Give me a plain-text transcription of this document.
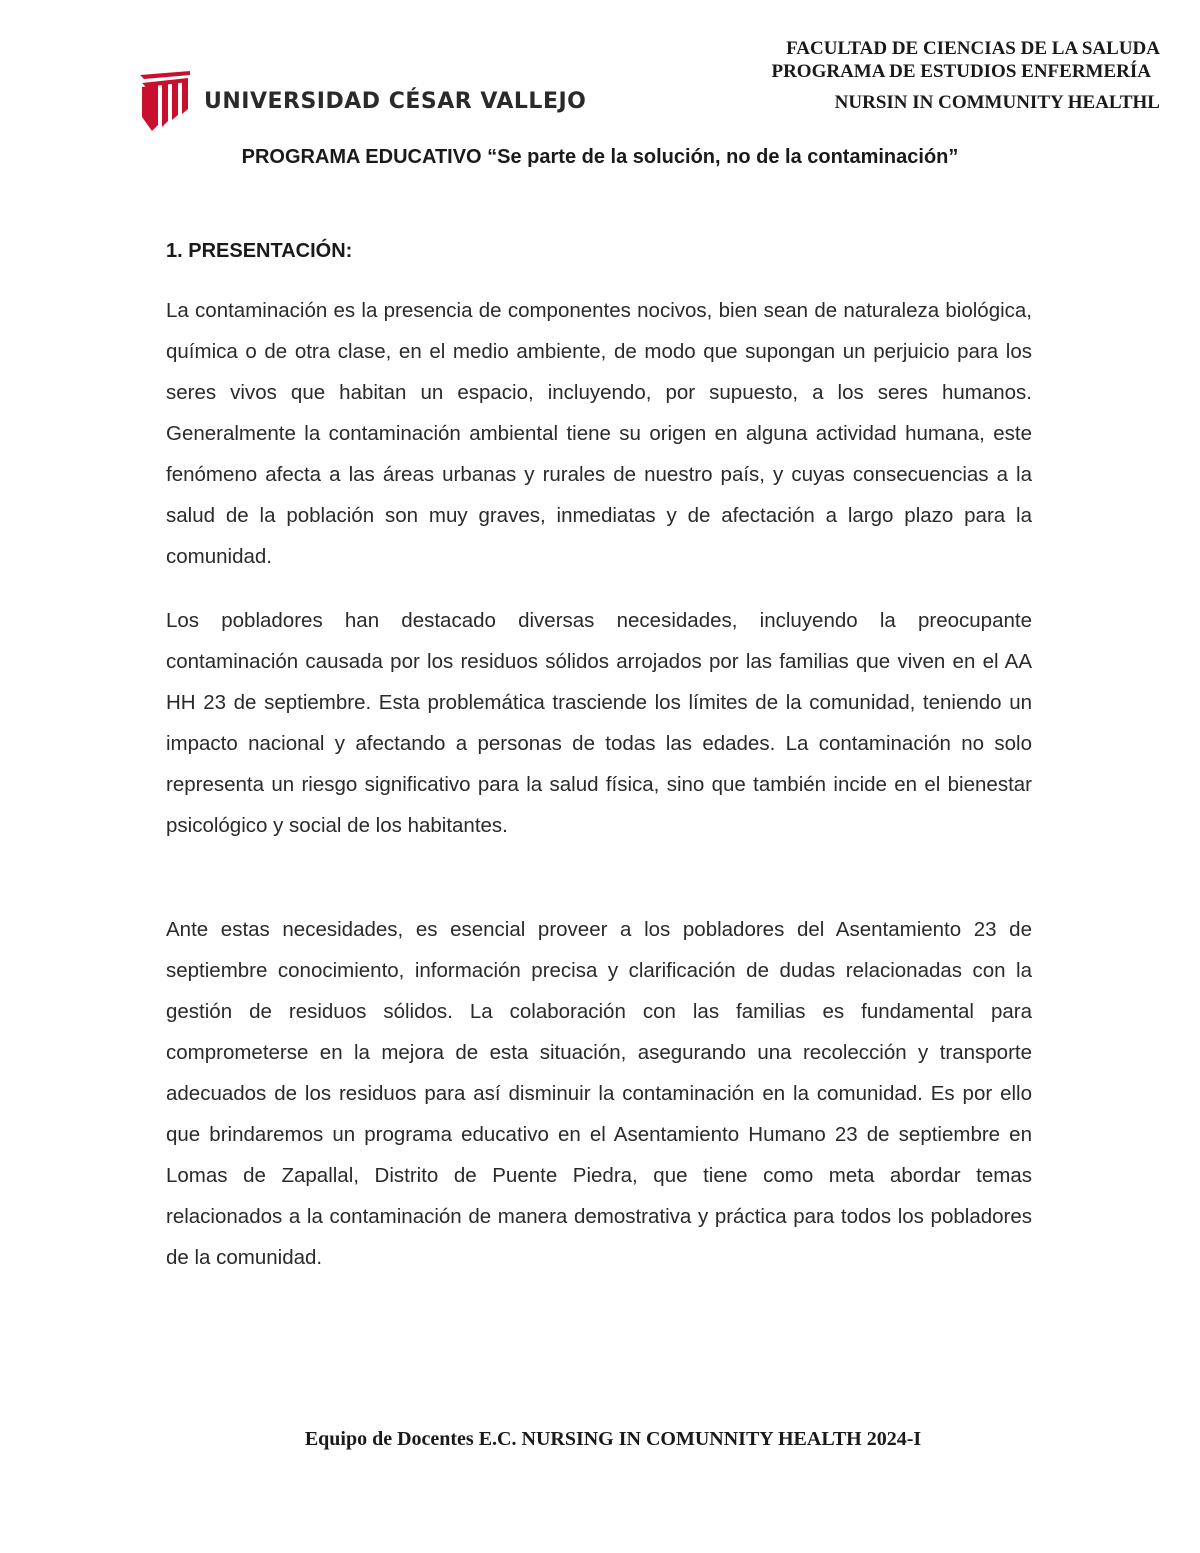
UNIVERSIDAD CÉSAR VALLEJO
FACULTAD DE CIENCIAS DE LA SALUDA
PROGRAMA DE ESTUDIOS ENFERMERÍA
NURSIN IN COMMUNITY HEALTHL
PROGRAMA EDUCATIVO “Se parte de la solución, no de la contaminación”
1. PRESENTACIÓN:

La contaminación es la presencia de componentes nocivos, bien sean de naturaleza biológica, química o de otra clase, en el medio ambiente, de modo que supongan un perjuicio para los seres vivos que habitan un espacio, incluyendo, por supuesto, a los seres humanos. Generalmente la contaminación ambiental tiene su origen en alguna actividad humana, este fenómeno afecta a las áreas urbanas y rurales de nuestro país, y cuyas consecuencias a la salud de la población son muy graves, inmediatas y de afectación a largo plazo para la comunidad.

Los pobladores han destacado diversas necesidades, incluyendo la preocupante contaminación causada por los residuos sólidos arrojados por las familias que viven en el AA HH 23 de septiembre. Esta problemática trasciende los límites de la comunidad, teniendo un impacto nacional y afectando a personas de todas las edades. La contaminación no solo representa un riesgo significativo para la salud física, sino que también incide en el bienestar psicológico y social de los habitantes.

Ante estas necesidades, es esencial proveer a los pobladores del Asentamiento 23 de septiembre conocimiento, información precisa y clarificación de dudas relacionadas con la gestión de residuos sólidos. La colaboración con las familias es fundamental para comprometerse en la mejora de esta situación, asegurando una recolección y transporte adecuados de los residuos para así disminuir la contaminación en la comunidad. Es por ello que brindaremos un programa educativo en el Asentamiento Humano 23 de septiembre en Lomas de Zapallal, Distrito de Puente Piedra, que tiene como meta abordar temas relacionados a la contaminación de manera demostrativa y práctica para todos los pobladores de la comunidad.

Equipo de Docentes E.C. NURSING IN COMUNNITY HEALTH 2024-I
